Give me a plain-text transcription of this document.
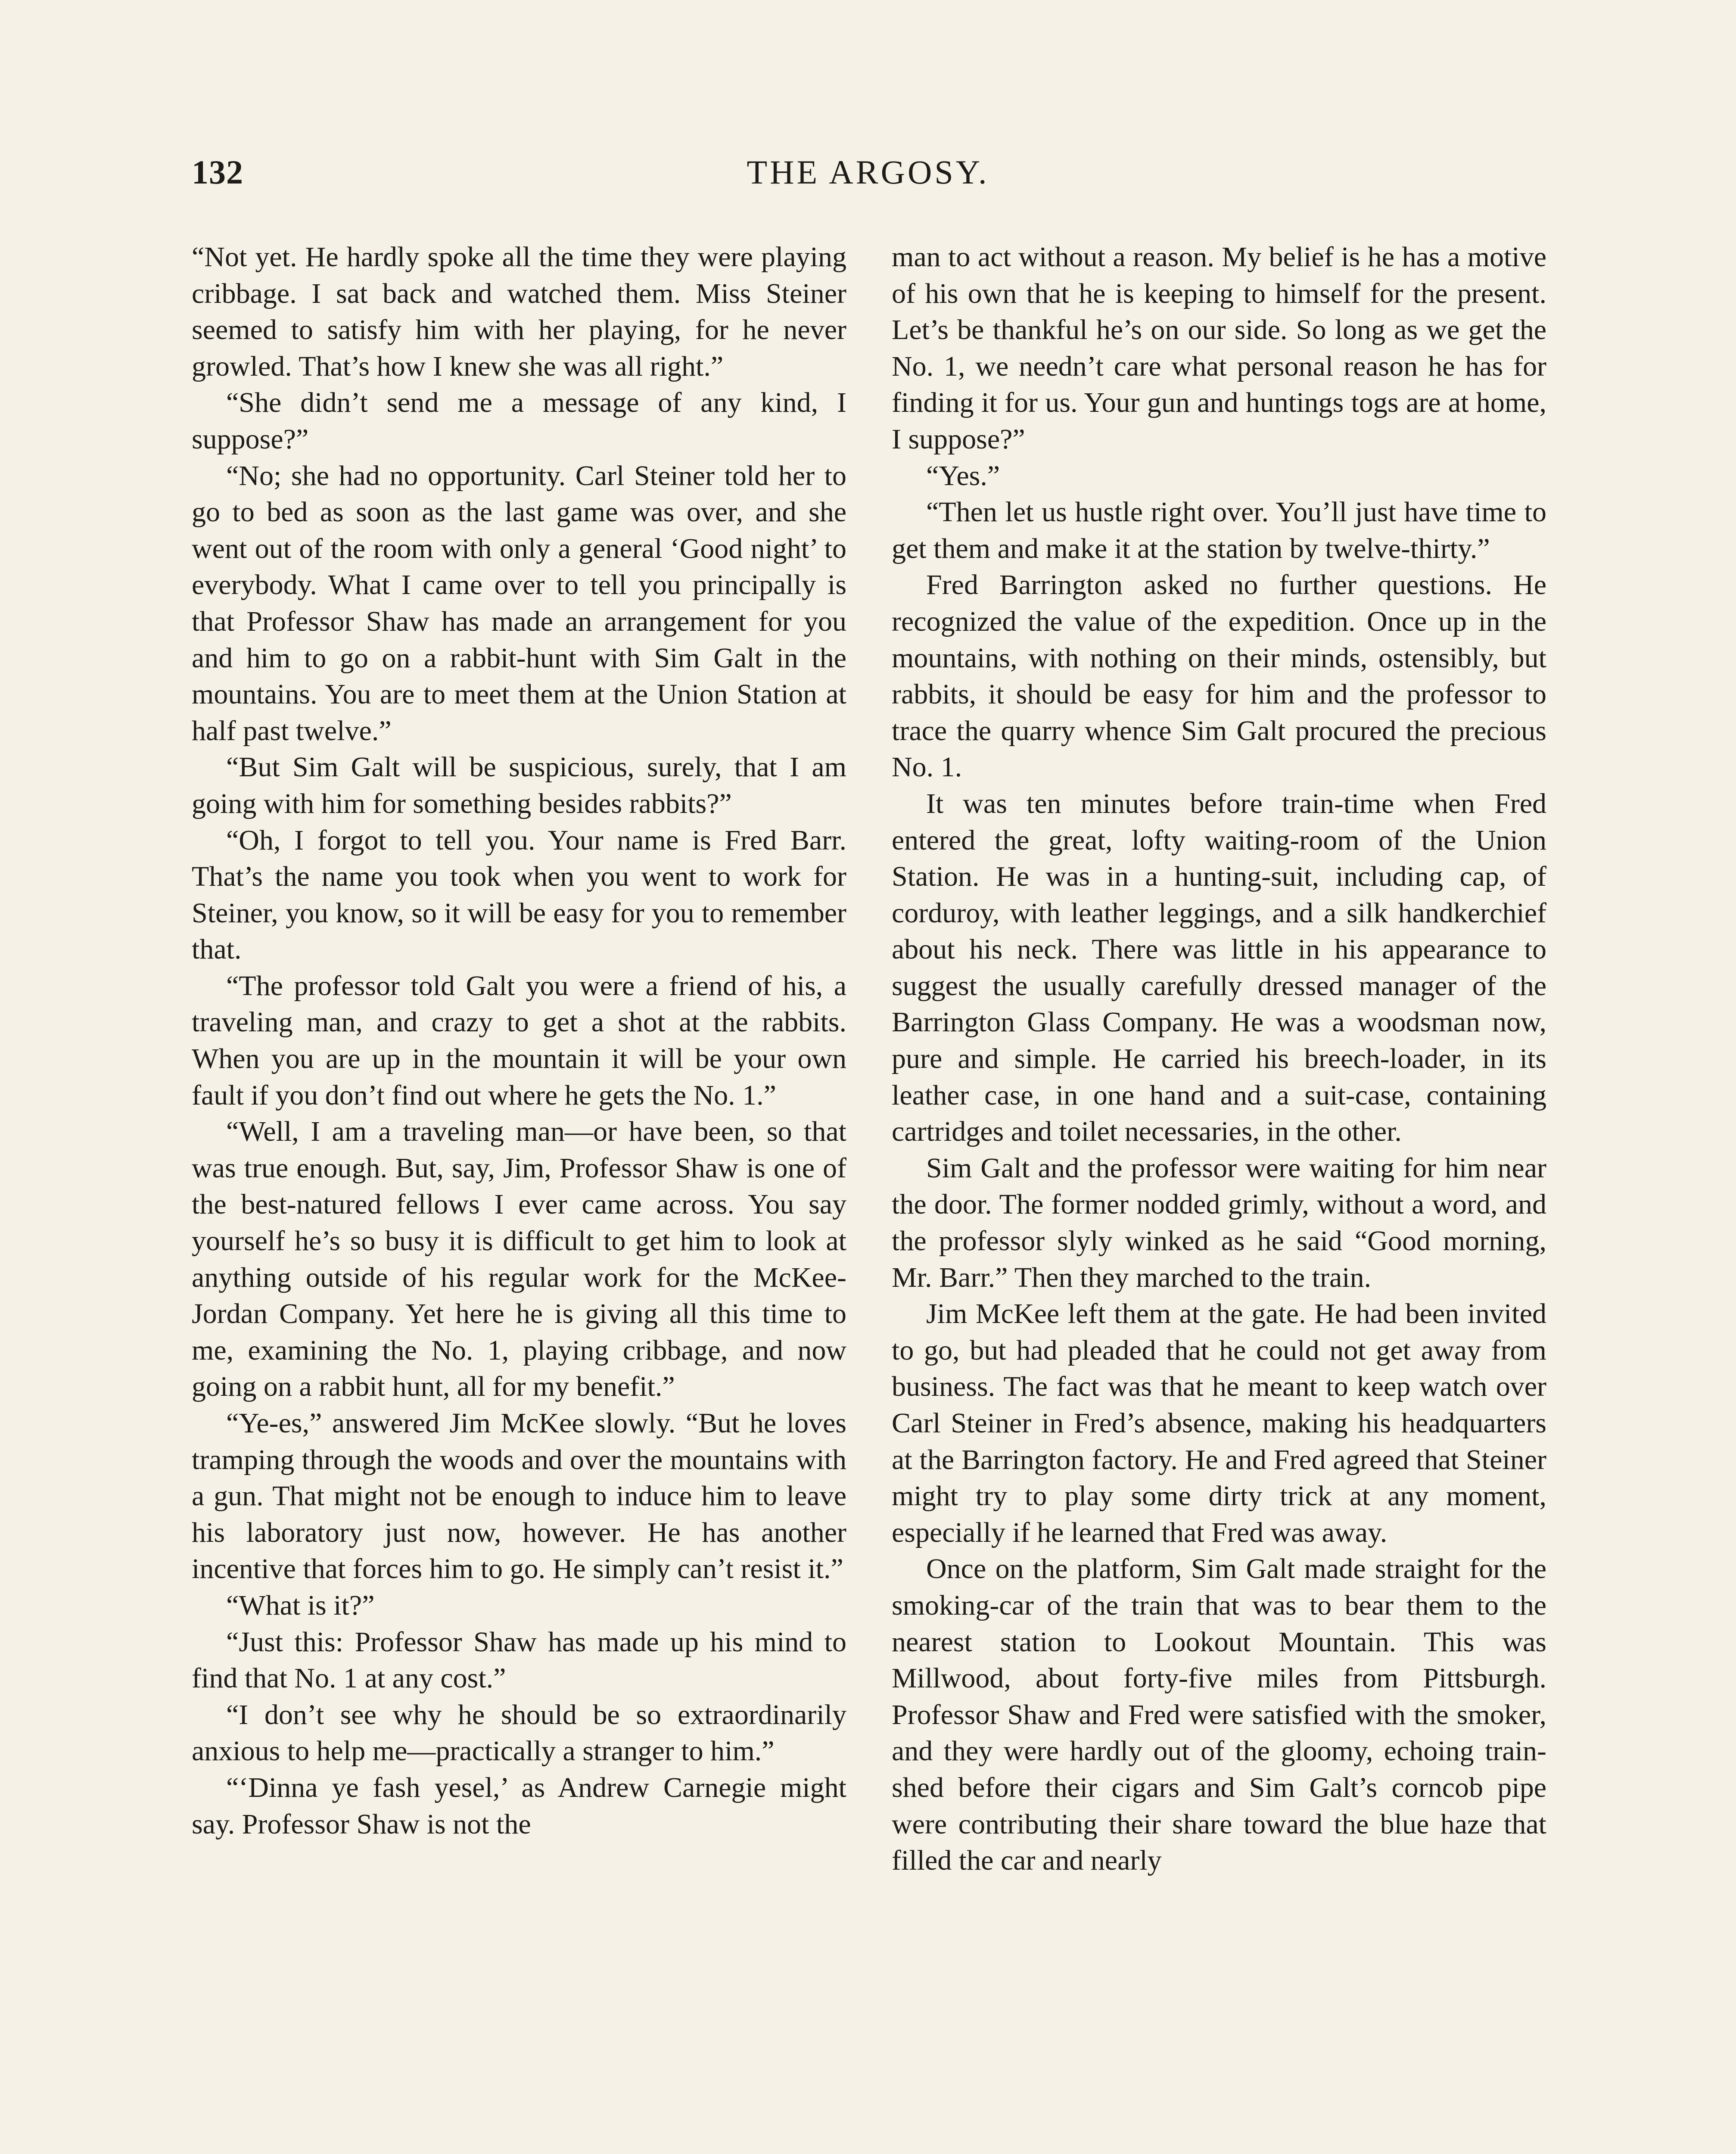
132	THE ARGOSY.

“Not yet. He hardly spoke all the time they were playing cribbage. I sat back and watched them. Miss Steiner seemed to satisfy him with her playing, for he never growled. That’s how I knew she was all right.”

“She didn’t send me a message of any kind, I suppose?”

“No; she had no opportunity. Carl Steiner told her to go to bed as soon as the last game was over, and she went out of the room with only a general ‘Good night’ to everybody. What I came over to tell you principally is that Professor Shaw has made an arrangement for you and him to go on a rabbit-hunt with Sim Galt in the mountains. You are to meet them at the Union Station at half past twelve.”

“But Sim Galt will be suspicious, surely, that I am going with him for something besides rabbits?”

“Oh, I forgot to tell you. Your name is Fred Barr. That’s the name you took when you went to work for Steiner, you know, so it will be easy for you to remember that.

“The professor told Galt you were a friend of his, a traveling man, and crazy to get a shot at the rabbits. When you are up in the mountain it will be your own fault if you don’t find out where he gets the No. 1.”

“Well, I am a traveling man—or have been, so that was true enough. But, say, Jim, Professor Shaw is one of the best-natured fellows I ever came across. You say yourself he’s so busy it is difficult to get him to look at anything outside of his regular work for the McKee-Jordan Company. Yet here he is giving all this time to me, examining the No. 1, playing cribbage, and now going on a rabbit hunt, all for my benefit.”

“Ye-es,” answered Jim McKee slowly. “But he loves tramping through the woods and over the mountains with a gun. That might not be enough to induce him to leave his laboratory just now, however. He has another incentive that forces him to go. He simply can’t resist it.”

“What is it?”

“Just this: Professor Shaw has made up his mind to find that No. 1 at any cost.”

“I don’t see why he should be so extraordinarily anxious to help me—practically a stranger to him.”

“‘Dinna ye fash yesel,’ as Andrew Carnegie might say. Professor Shaw is not the

man to act without a reason. My belief is he has a motive of his own that he is keeping to himself for the present. Let’s be thankful he’s on our side. So long as we get the No. 1, we needn’t care what personal reason he has for finding it for us. Your gun and huntings togs are at home, I suppose?”

“Yes.”

“Then let us hustle right over. You’ll just have time to get them and make it at the station by twelve-thirty.”

Fred Barrington asked no further questions. He recognized the value of the expedition. Once up in the mountains, with nothing on their minds, ostensibly, but rabbits, it should be easy for him and the professor to trace the quarry whence Sim Galt procured the precious No. 1.

It was ten minutes before train-time when Fred entered the great, lofty waiting-room of the Union Station. He was in a hunting-suit, including cap, of corduroy, with leather leggings, and a silk handkerchief about his neck. There was little in his appearance to suggest the usually carefully dressed manager of the Barrington Glass Company. He was a woodsman now, pure and simple. He carried his breech-loader, in its leather case, in one hand and a suit-case, containing cartridges and toilet necessaries, in the other.

Sim Galt and the professor were waiting for him near the door. The former nodded grimly, without a word, and the professor slyly winked as he said “Good morning, Mr. Barr.” Then they marched to the train.

Jim McKee left them at the gate. He had been invited to go, but had pleaded that he could not get away from business. The fact was that he meant to keep watch over Carl Steiner in Fred’s absence, making his headquarters at the Barrington factory. He and Fred agreed that Steiner might try to play some dirty trick at any moment, especially if he learned that Fred was away.

Once on the platform, Sim Galt made straight for the smoking-car of the train that was to bear them to the nearest station to Lookout Mountain. This was Millwood, about forty-five miles from Pittsburgh. Professor Shaw and Fred were satisfied with the smoker, and they were hardly out of the gloomy, echoing train-shed before their cigars and Sim Galt’s corncob pipe were contributing their share toward the blue haze that filled the car and nearly
